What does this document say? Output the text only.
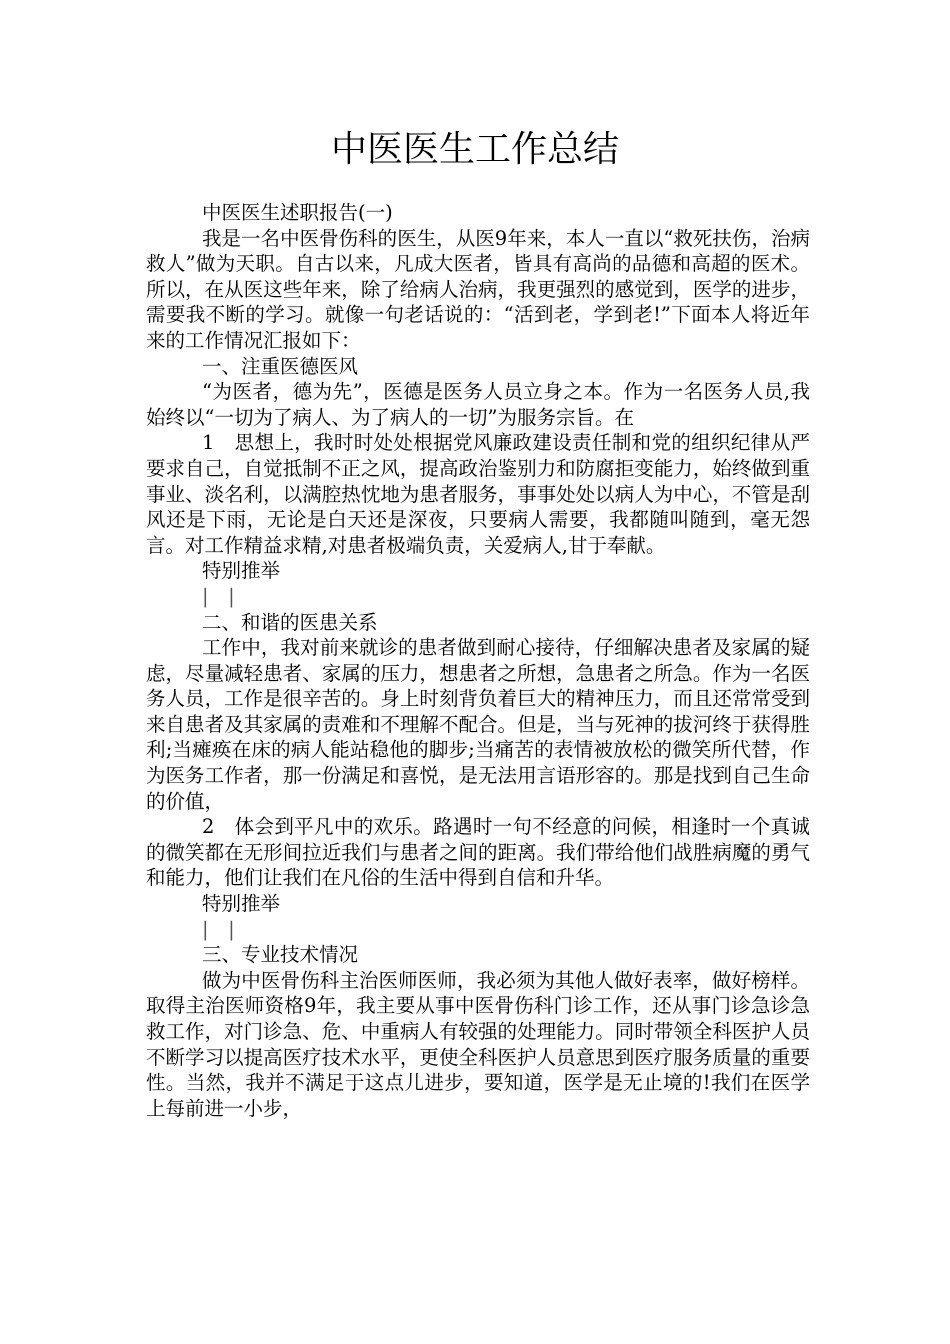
中医医生工作总结

中医医生述职报告(一)

我是一名中医骨伤科的医生，从医9年来，本人一直以“救死扶伤，治病救人”做为天职。自古以来，凡成大医者，皆具有高尚的品德和高超的医术。所以，在从医这些年来，除了给病人治病，我更强烈的感觉到，医学的进步，需要我不断的学习。就像一句老话说的：“活到老，学到老!”下面本人将近年来的工作情况汇报如下：

一、注重医德医风

“为医者，德为先”，医德是医务人员立身之本。作为一名医务人员,我始终以“一切为了病人、为了病人的一切”为服务宗旨。在

1　思想上，我时时处处根据党风廉政建设责任制和党的组织纪律从严要求自己，自觉抵制不正之风，提高政治鉴别力和防腐拒变能力，始终做到重事业、淡名利，以满腔热忱地为患者服务，事事处处以病人为中心，不管是刮风还是下雨，无论是白天还是深夜，只要病人需要，我都随叫随到，毫无怨言。对工作精益求精,对患者极端负责，关爱病人,甘于奉献。

特别推举

|　|

二、和谐的医患关系

工作中，我对前来就诊的患者做到耐心接待，仔细解决患者及家属的疑虑，尽量减轻患者、家属的压力，想患者之所想，急患者之所急。作为一名医务人员，工作是很辛苦的。身上时刻背负着巨大的精神压力，而且还常常受到来自患者及其家属的责难和不理解不配合。但是，当与死神的拔河终于获得胜利;当瘫痪在床的病人能站稳他的脚步;当痛苦的表情被放松的微笑所代替，作为医务工作者，那一份满足和喜悦，是无法用言语形容的。那是找到自己生命的价值，

2　体会到平凡中的欢乐。路遇时一句不经意的问候，相逢时一个真诚的微笑都在无形间拉近我们与患者之间的距离。我们带给他们战胜病魔的勇气和能力，他们让我们在凡俗的生活中得到自信和升华。

特别推举

|　|

三、专业技术情况

做为中医骨伤科主治医师医师，我必须为其他人做好表率，做好榜样。取得主治医师资格9年，我主要从事中医骨伤科门诊工作，还从事门诊急诊急救工作，对门诊急、危、中重病人有较强的处理能力。同时带领全科医护人员不断学习以提高医疗技术水平，更使全科医护人员意思到医疗服务质量的重要性。当然，我并不满足于这点儿进步，要知道，医学是无止境的!我们在医学上每前进一小步，
